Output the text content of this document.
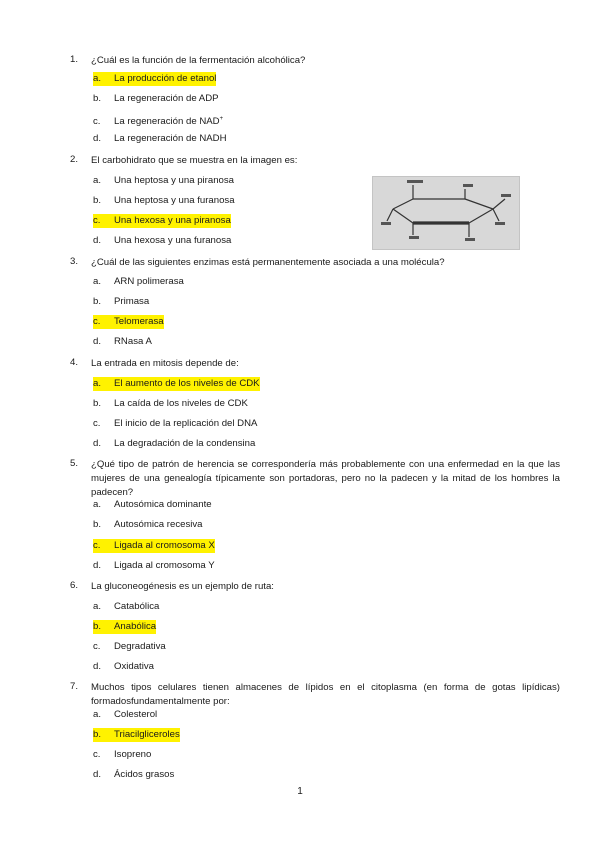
1.	¿Cuál es la función de la fermentación alcohólica?
a. La producción de etanol
b. La regeneración de ADP
c. La regeneración de NAD+
d. La regeneración de NADH
2.	El carbohidrato que se muestra en la imagen es:
a. Una heptosa y una piranosa
b. Una heptosa y una furanosa
c. Una hexosa y una piranosa
d. Una hexosa y una furanosa
3.	¿Cuál de las siguientes enzimas está permanentemente asociada a una molécula?
a. ARN polimerasa
b. Primasa
c. Telomerasa
d. RNasa A
4.	La entrada en mitosis depende de:
a. El aumento de los niveles de CDK
b. La caída de los niveles de CDK
c. El inicio de la replicación del DNA
d. La degradación de la condensina
5.	¿Qué tipo de patrón de herencia se correspondería más probablemente con una enfermedad en la que las mujeres de una genealogía típicamente son portadoras, pero no la padecen y la mitad de los hombres la padecen?
a. Autosómica dominante
b. Autosómica recesiva
c. Ligada al cromosoma X
d. Ligada al cromosoma Y
6.	La gluconeogénesis es un ejemplo de ruta:
a. Catabólica
b. Anabólica
c. Degradativa
d. Oxidativa
7.	Muchos tipos celulares tienen almacenes de lípidos en el citoplasma (en forma de gotas lipídicas) formadosfundamentalmente por:
a. Colesterol
b. Triacilgliceroles
c. Isopreno
d. Ácidos grasos
1
